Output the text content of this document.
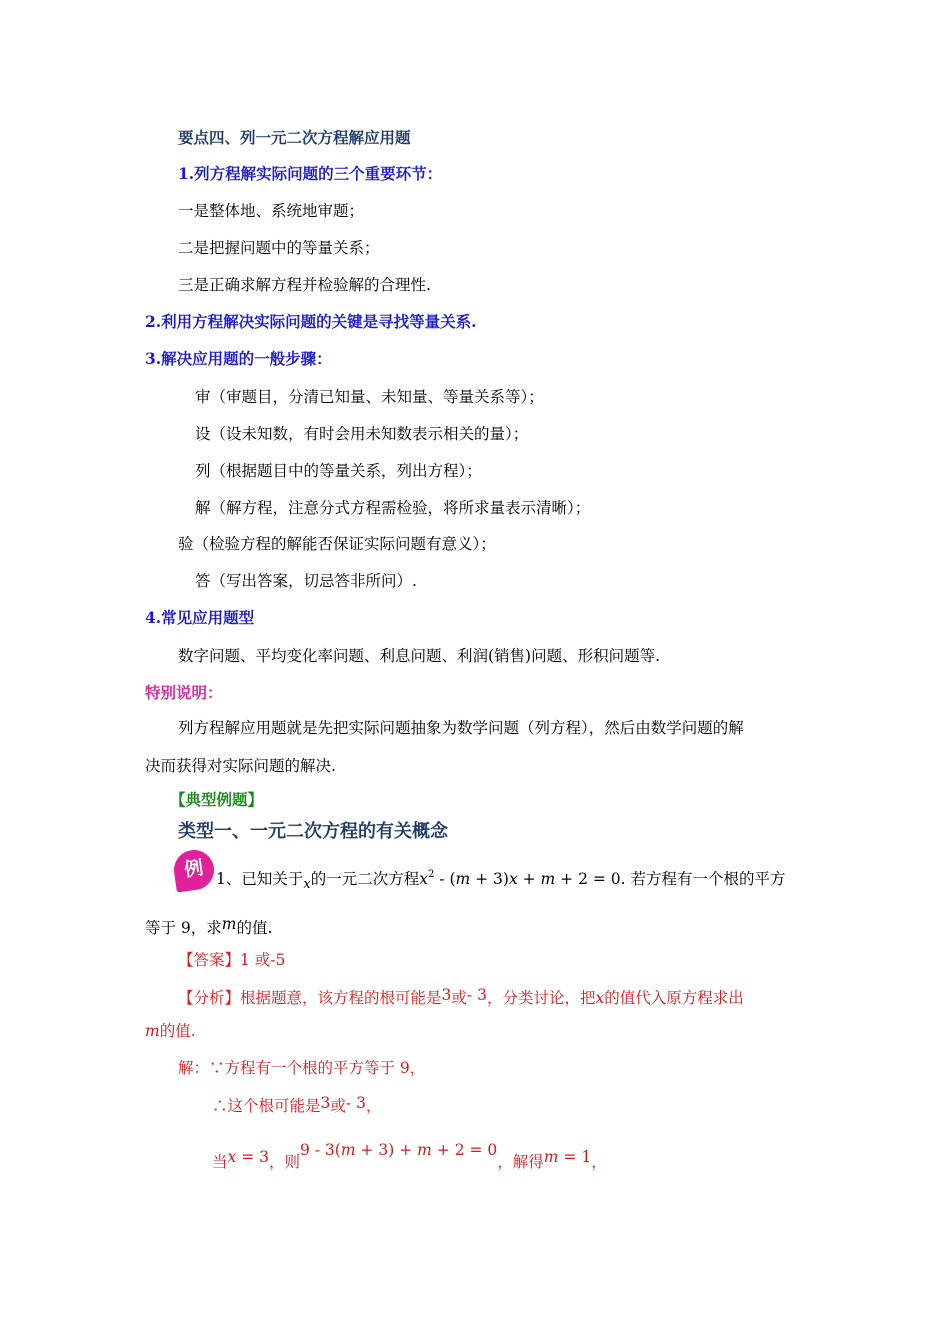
要点四、列一元二次方程解应用题
1.列方程解实际问题的三个重要环节：
一是整体地、系统地审题；
二是把握问题中的等量关系；
三是正确求解方程并检验解的合理性.
2.利用方程解决实际问题的关键是寻找等量关系.
3.解决应用题的一般步骤：
审（审题目，分清已知量、未知量、等量关系等）；
设（设未知数，有时会用未知数表示相关的量）；
列（根据题目中的等量关系，列出方程）；
解（解方程，注意分式方程需检验，将所求量表示清晰）；
验（检验方程的解能否保证实际问题有意义）；
答（写出答案，切忌答非所问）.
4.常见应用题型
数字问题、平均变化率问题、利息问题、利润(销售)问题、形积问题等.
特别说明：
列方程解应用题就是先把实际问题抽象为数学问题（列方程），然后由数学问题的解
决而获得对实际问题的解决.
【典型例题】
类型一、一元二次方程的有关概念
例 1、已知关于$_x$的一元二次方程$x^2 - (m + 3)x + m + 2 = 0$. 若方程有一个根的平方
等于 9，求m的值.
【答案】1 或-5
【分析】根据题意，该方程的根可能是3或- 3，分类讨论，把x的值代入原方程求出
m的值.
解：∵方程有一个根的平方等于 9，
∴这个根可能是3或- 3，
当x = 3，则9 - 3(m + 3) + m + 2 = 0，解得m = 1，
